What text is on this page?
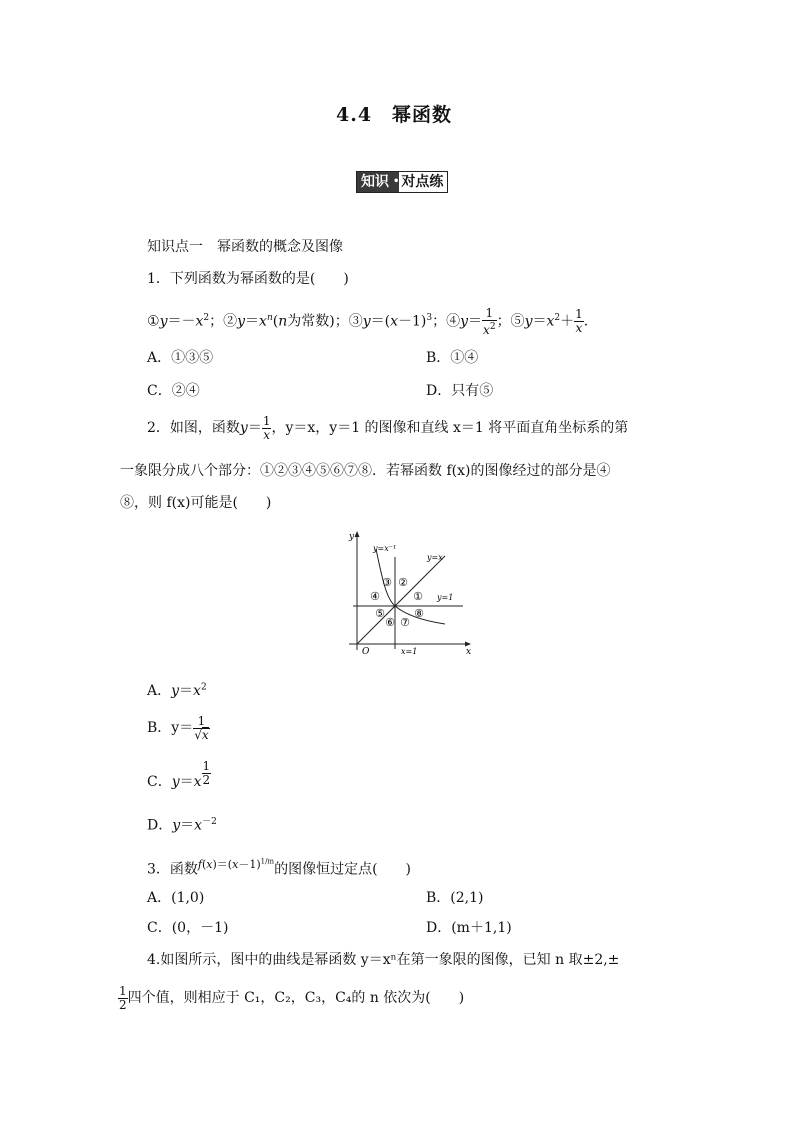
4.4　幂函数
知识 • 对点练
知识点一　幂函数的概念及图像
1．下列函数为幂函数的是(　　)
$①y=-x^2$；$②y=x^n(n$为常数)；$③y=(x-1)^3$；④y＝ $\frac{1}{x^2}$ ；$⑤y=x^2+ \frac{1}{x}$ .
A．①③⑤	B．①④
C．②④	D．只有⑤
2．如图，函数$y= \frac{1}{x}$ ，y＝x，y＝1 的图像和直线 x＝1 将平面直角坐标系的第
一象限分成八个部分：①②③④⑤⑥⑦⑧．若幂函数 f(x)的图像经过的部分是④
⑧，则 f(x)可能是(　　)
y
x
O
y=x⁻¹
y=x
y=1
x=1
③ ②
④	①
⑤	⑧
⑥ ⑦
A．$y=x^2$
B．$y= \frac{1}{√x}$
C．$y=x \frac{1}{2}$
D．$y=x^{-2}$
3．函数$^{f(x)=(x-1)^{1/m}}$的图像恒过定点(　　)
A．(1,0)	B．(2,1)
C．(0，－1)	D．(m＋1,1)
4.如图所示，图中的曲线是幂函数 y＝xⁿ在第一象限的图像，已知 n 取±2,±
$\frac{1}{2}$ 四个值，则相应于 C₁，C₂，C₃，C₄的 n 依次为(　　)
